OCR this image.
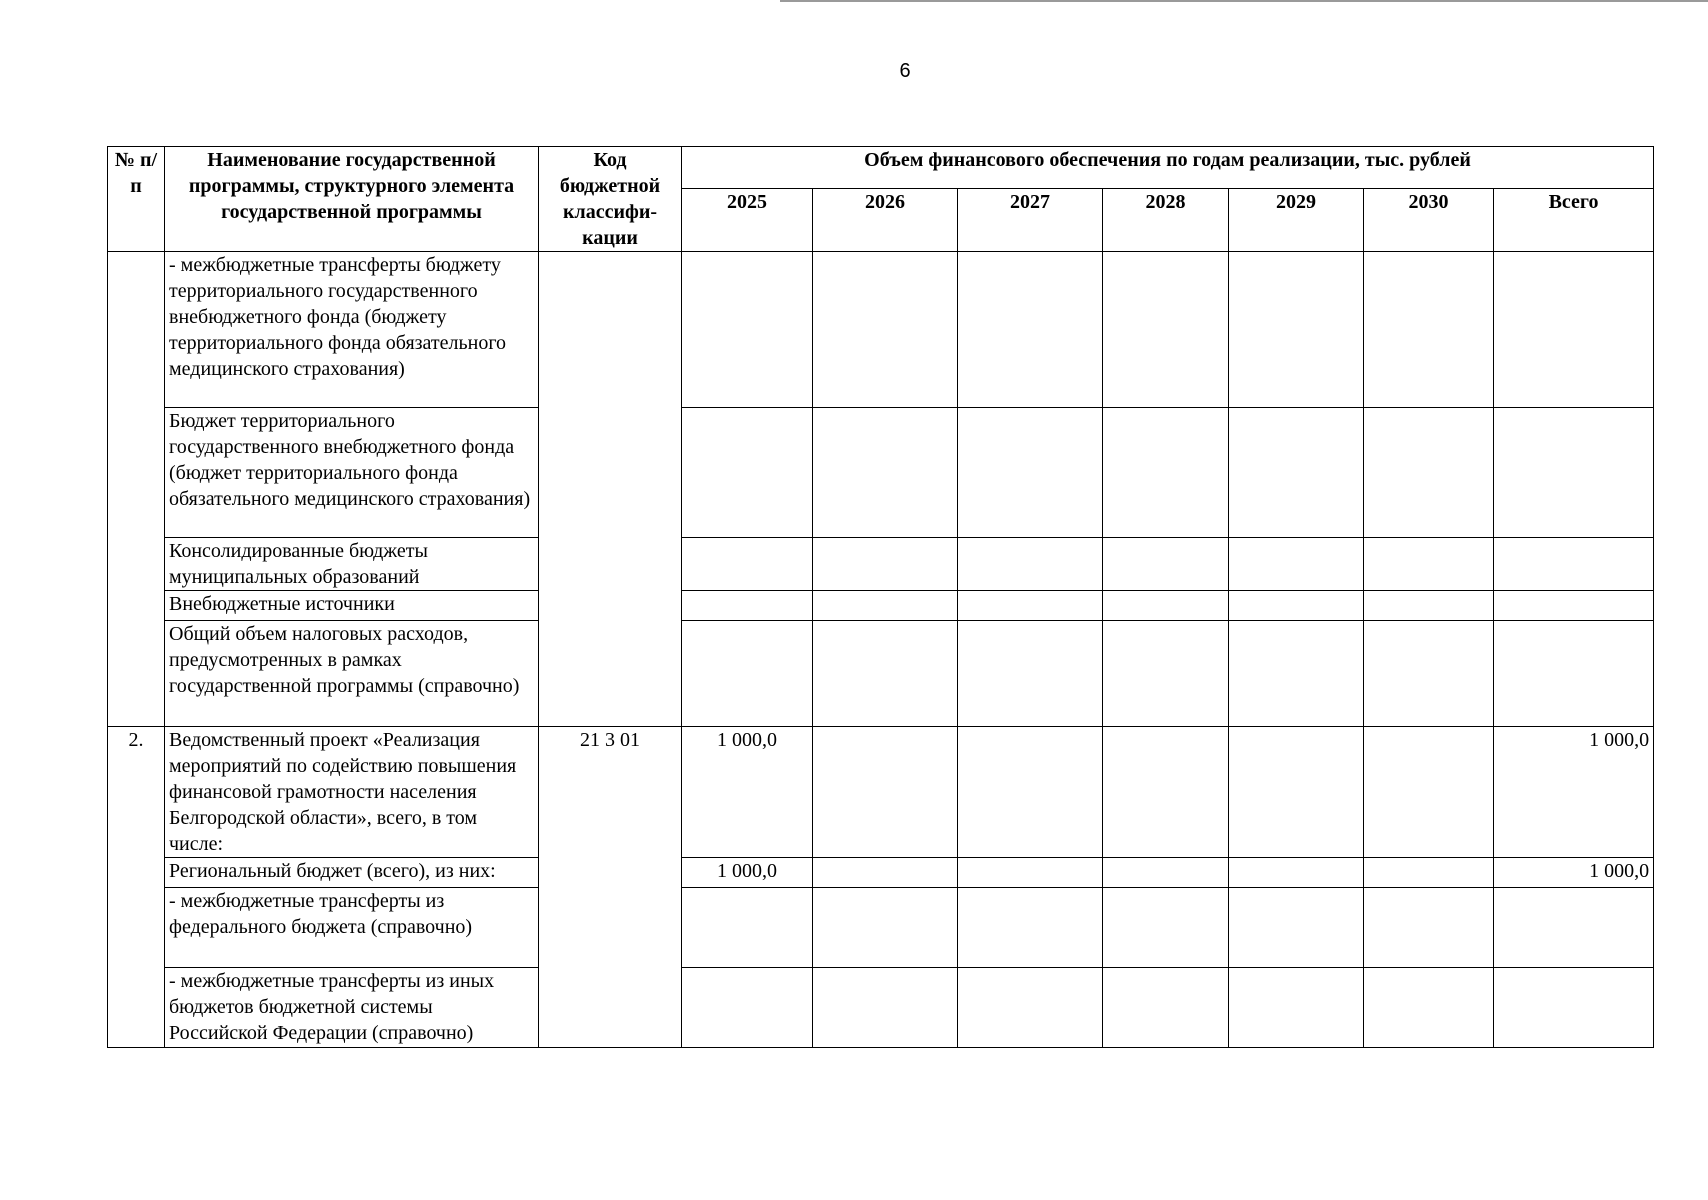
6
№ п/п	Наименование государственной программы, структурного элемента государственной программы	Код бюджетной классифи-кации	Объем финансового обеспечения по годам реализации, тыс. рублей						
			2025	2026	2027	2028	2029	2030	Всего
	- межбюджетные трансферты бюджету территориального государственного внебюджетного фонда (бюджету территориального фонда обязательного медицинского страхования)								
	Бюджет территориального государственного внебюджетного фонда (бюджет территориального фонда обязательного медицинского страхования)								
	Консолидированные бюджеты муниципальных образований								
	Внебюджетные источники								
	Общий объем налоговых расходов, предусмотренных в рамках государственной программы (справочно)								
2.	Ведомственный проект «Реализация мероприятий по содействию повышения финансовой грамотности населения Белгородской области», всего, в том числе:	21 3 01	1 000,0						1 000,0
	Региональный бюджет (всего), из них:		1 000,0						1 000,0
	- межбюджетные трансферты из федерального бюджета (справочно)								
	- межбюджетные трансферты из иных бюджетов бюджетной системы Российской Федерации (справочно)								
